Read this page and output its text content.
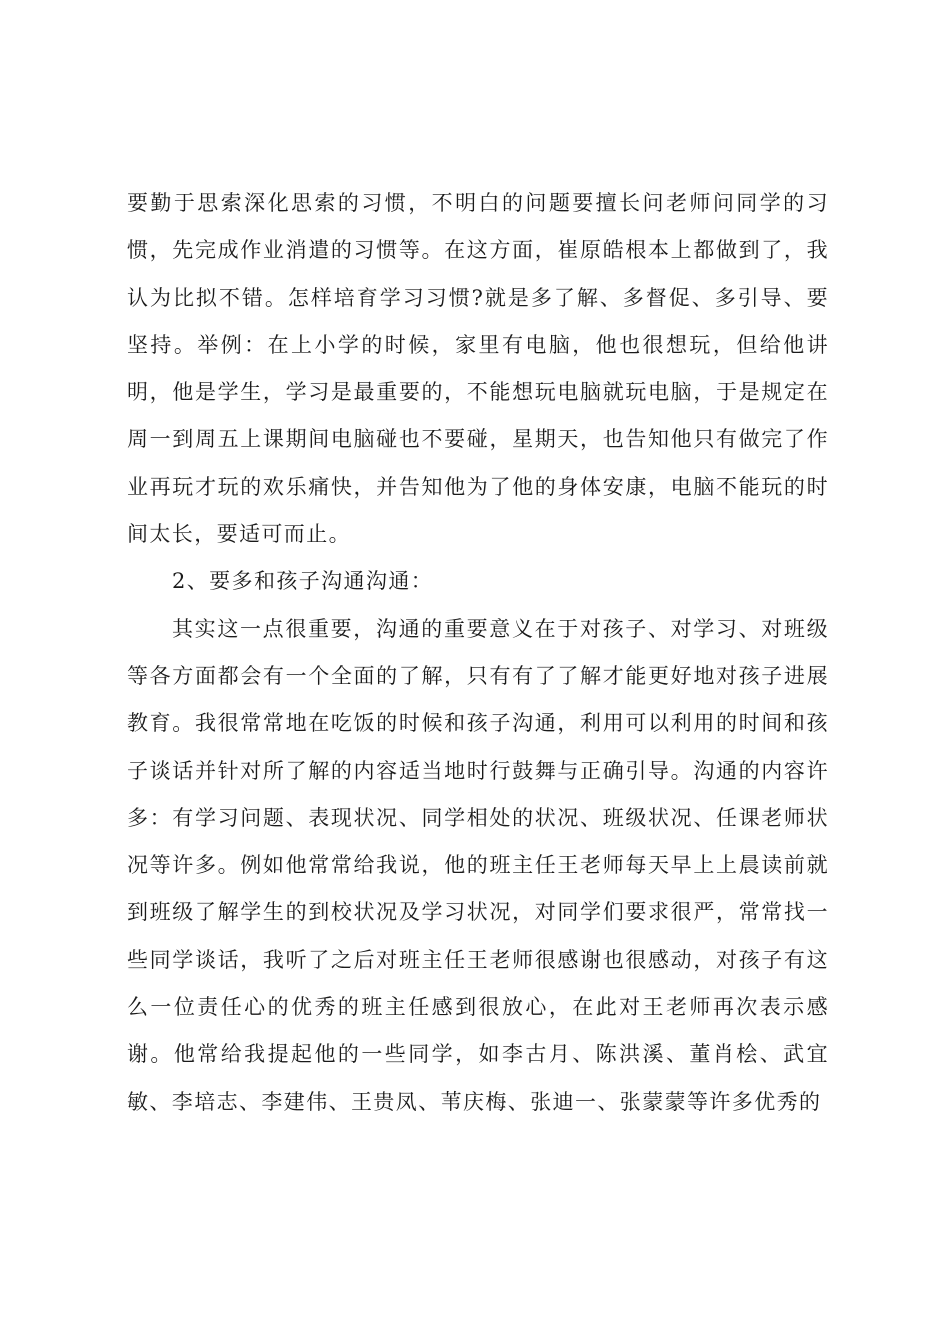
要勤于思索深化思索的习惯，不明白的问题要擅长问老师问同学的习惯，先完成作业消遣的习惯等。在这方面，崔原皓根本上都做到了，我认为比拟不错。怎样培育学习习惯?就是多了解、多督促、多引导、要坚持。举例：在上小学的时候，家里有电脑，他也很想玩，但给他讲明，他是学生，学习是最重要的，不能想玩电脑就玩电脑，于是规定在周一到周五上课期间电脑碰也不要碰，星期天，也告知他只有做完了作业再玩才玩的欢乐痛快，并告知他为了他的身体安康，电脑不能玩的时间太长，要适可而止。

2、要多和孩子沟通沟通：

其实这一点很重要，沟通的重要意义在于对孩子、对学习、对班级等各方面都会有一个全面的了解，只有有了了解才能更好地对孩子进展教育。我很常常地在吃饭的时候和孩子沟通，利用可以利用的时间和孩子谈话并针对所了解的内容适当地时行鼓舞与正确引导。沟通的内容许多：有学习问题、表现状况、同学相处的状况、班级状况、任课老师状况等许多。例如他常常给我说，他的班主任王老师每天早上上晨读前就到班级了解学生的到校状况及学习状况，对同学们要求很严，常常找一些同学谈话，我听了之后对班主任王老师很感谢也很感动，对孩子有这么一位责任心的优秀的班主任感到很放心，在此对王老师再次表示感谢。他常给我提起他的一些同学，如李古月、陈洪溪、董肖桧、武宜敏、李培志、李建伟、王贵凤、苇庆梅、张迪一、张蒙蒙等许多优秀的
